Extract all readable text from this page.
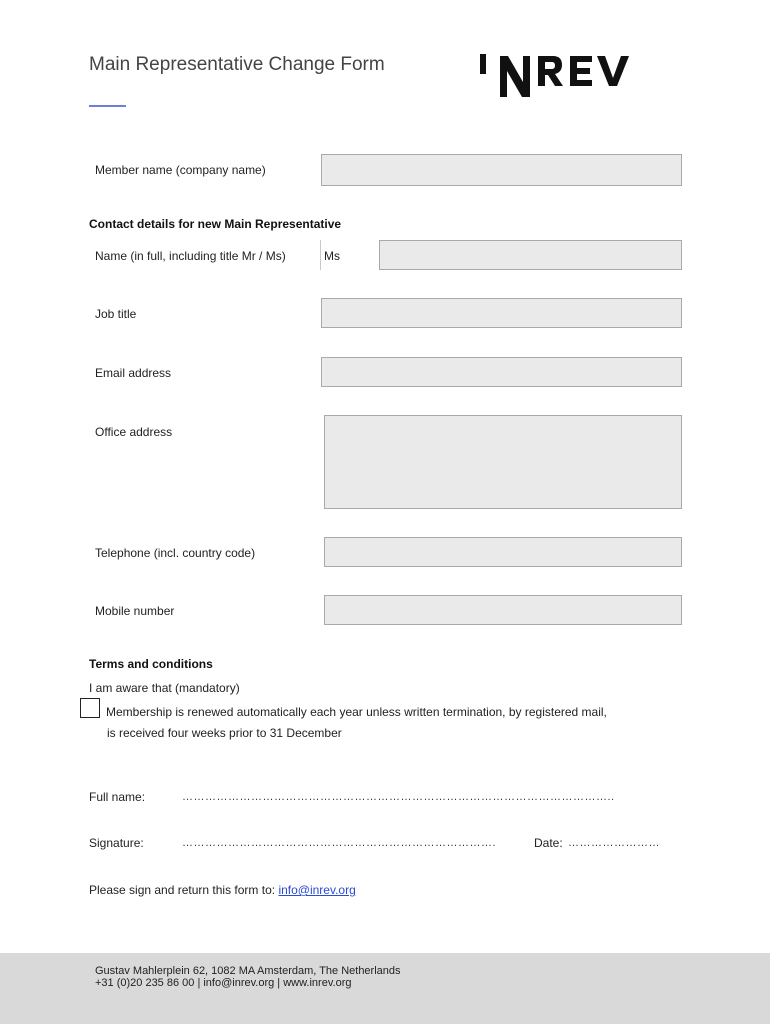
Main Representative Change Form
Member name (company name)
Contact details for new Main Representative
Name (in full, including title Mr / Ms)	Ms
Job title
Email address
Office address
Telephone (incl. country code)
Mobile number
Terms and conditions
I am aware that (mandatory)
Membership is renewed automatically each year unless written termination, by registered mail,
is received four weeks prior to 31 December
Full name:	…………………………………………………………………………………………………..
Signature:	……………………………………………………………………….	Date: ……………………
Please sign and return this form to: info@inrev.org
Gustav Mahlerplein 62, 1082 MA Amsterdam, The Netherlands
+31 (0)20 235 86 00 | info@inrev.org | www.inrev.org
